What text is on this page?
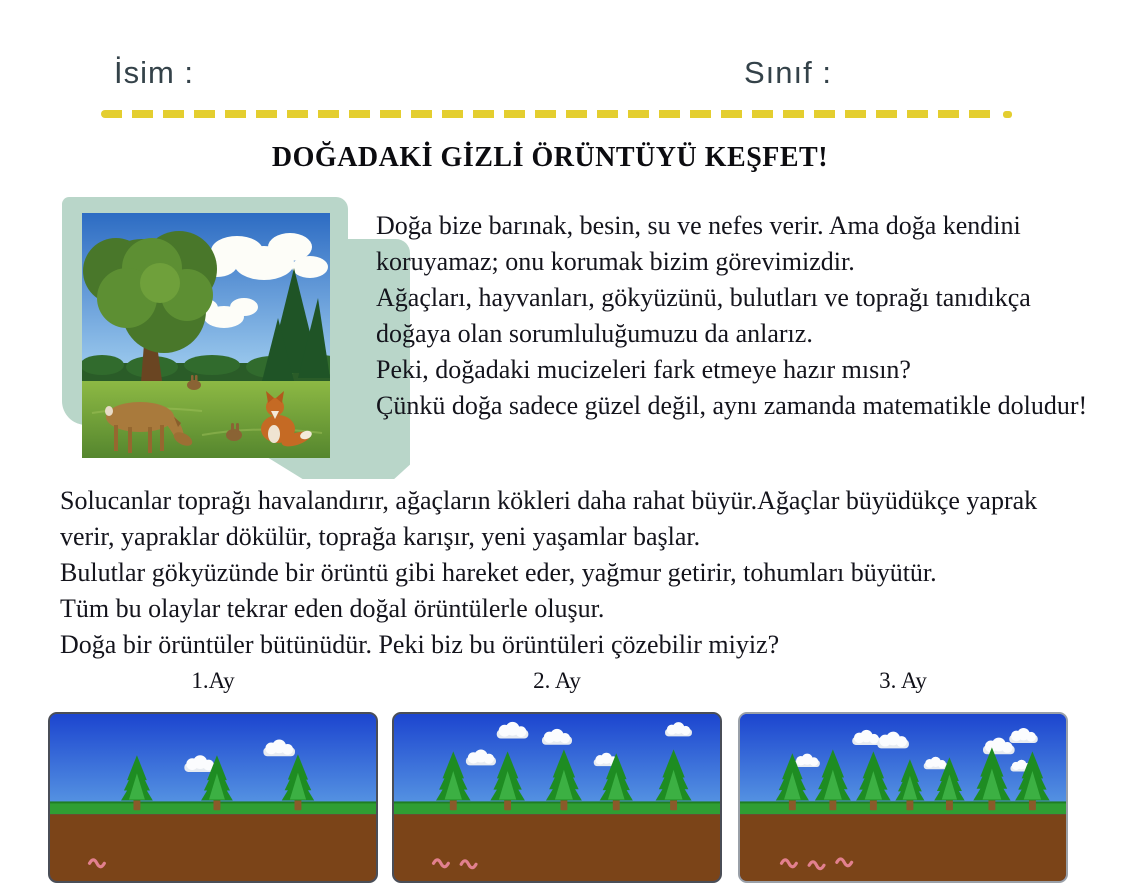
İsim :	Sınıf :
DOĞADAKİ GİZLİ ÖRÜNTÜYÜ KEŞFET!
Doğa bize barınak, besin, su ve nefes verir. Ama doğa kendini
koruyamaz; onu korumak bizim görevimizdir.
Ağaçları, hayvanları, gökyüzünü, bulutları ve toprağı tanıdıkça
doğaya olan sorumluluğumuzu da anlarız.
Peki, doğadaki mucizeleri fark etmeye hazır mısın?
Çünkü doğa sadece güzel değil, aynı zamanda matematikle doludur!
Solucanlar toprağı havalandırır, ağaçların kökleri daha rahat büyür.Ağaçlar büyüdükçe yaprak
verir, yapraklar dökülür, toprağa karışır, yeni yaşamlar başlar.
Bulutlar gökyüzünde bir örüntü gibi hareket eder, yağmur getirir, tohumları büyütür.
Tüm bu olaylar tekrar eden doğal örüntülerle oluşur.
Doğa bir örüntüler bütünüdür. Peki biz bu örüntüleri çözebilir miyiz?
1.Ay	2. Ay	3. Ay
